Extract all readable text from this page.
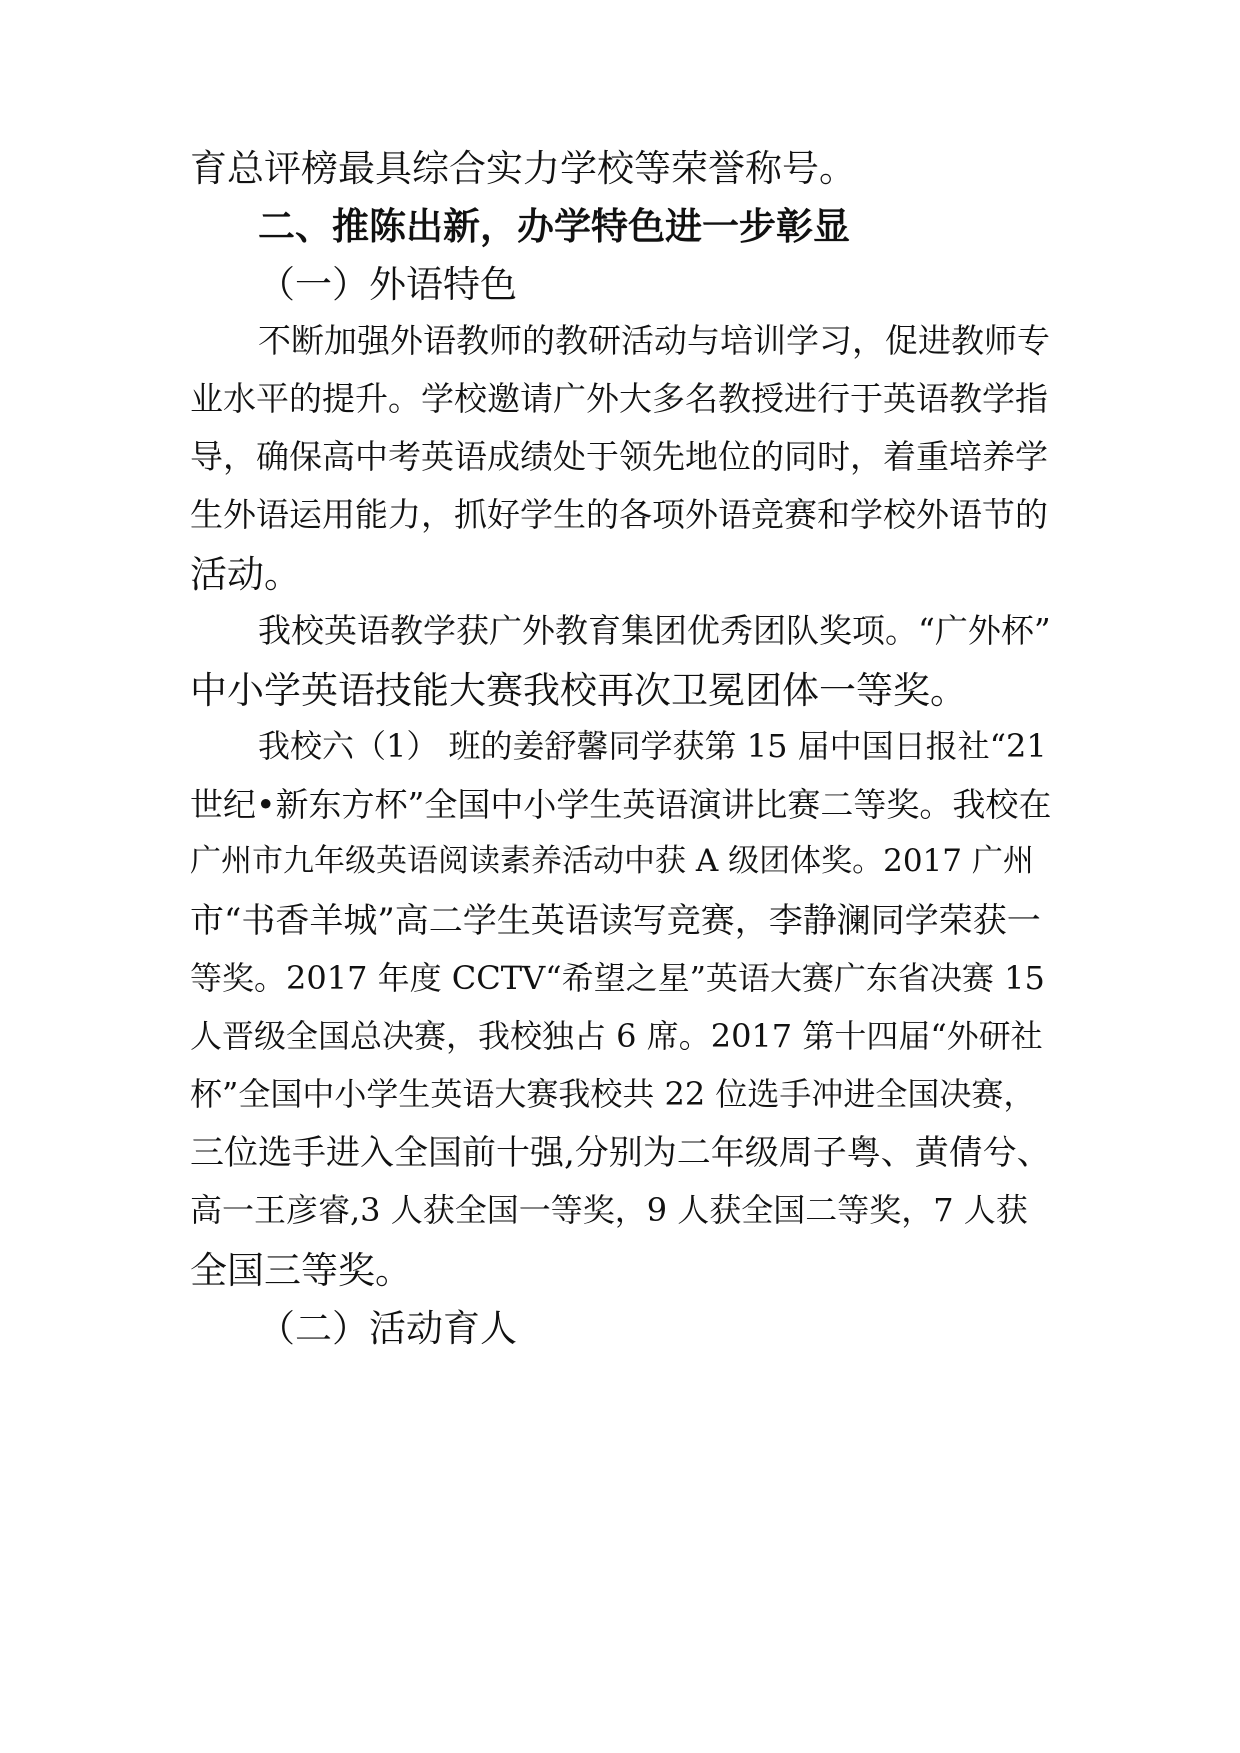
育总评榜最具综合实力学校等荣誉称号。
二、推陈出新，办学特色进一步彰显
（一）外语特色
不断加强外语教师的教研活动与培训学习，促进教师专
业水平的提升。学校邀请广外大多名教授进行于英语教学指
导，确保高中考英语成绩处于领先地位的同时，着重培养学
生外语运用能力，抓好学生的各项外语竞赛和学校外语节的
活动。
我校英语教学获广外教育集团优秀团队奖项。“广外杯”
中小学英语技能大赛我校再次卫冕团体一等奖。
我校六（1） 班的姜舒馨同学获第 15 届中国日报社“21
世纪•新东方杯”全国中小学生英语演讲比赛二等奖。我校在
广州市九年级英语阅读素养活动中获 A 级团体奖。2017 广州
市“书香羊城”高二学生英语读写竞赛，李静澜同学荣获一
等奖。2017 年度 CCTV“希望之星”英语大赛广东省决赛 15
人晋级全国总决赛，我校独占 6 席。2017 第十四届“外研社
杯”全国中小学生英语大赛我校共 22 位选手冲进全国决赛，
三位选手进入全国前十强,分别为二年级周子粤、黄倩兮、
高一王彦睿,3 人获全国一等奖，9 人获全国二等奖，7 人获
全国三等奖。
（二）活动育人
